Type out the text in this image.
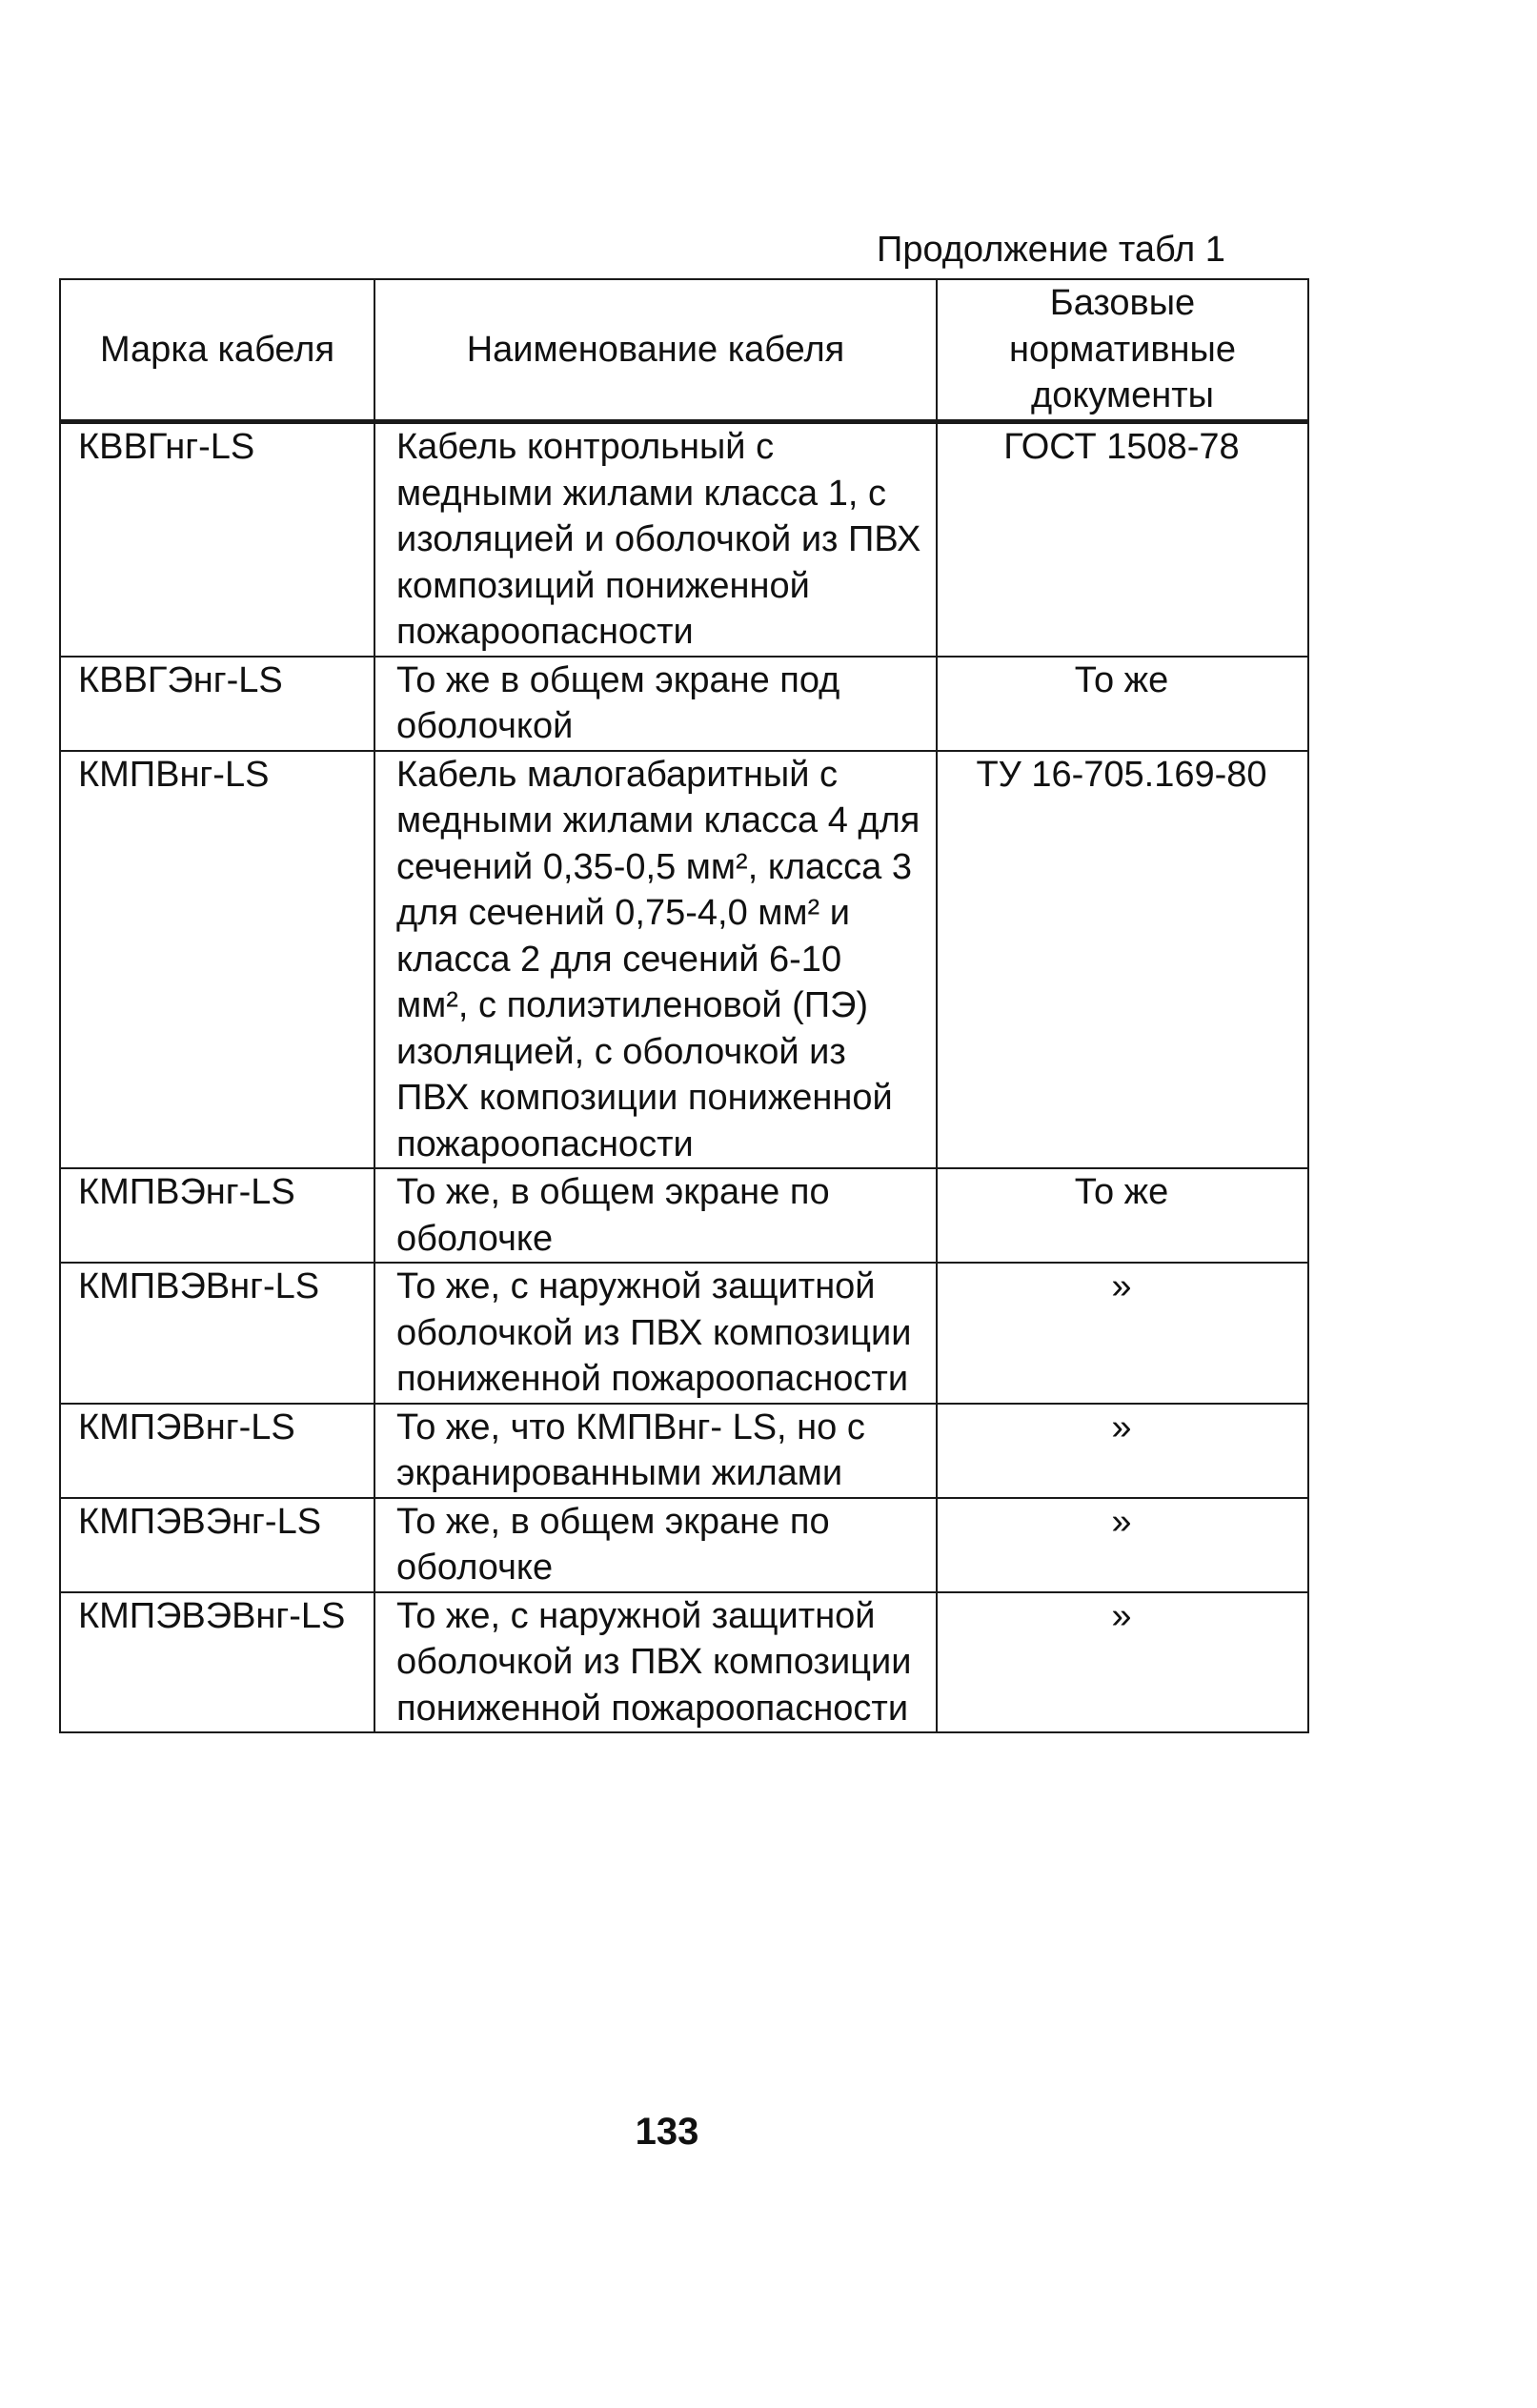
Продолжение табл 1
Марка кабеля	Наименование кабеля	Базовые нормативные документы
КВВГнг-LS	Кабель контрольный с медными жилами класса 1, с изоляцией и оболочкой из ПВХ композиций пониженной пожароопасности	ГОСТ 1508-78
КВВГЭнг-LS	То же в общем экране под оболочкой	То же
КМПВнг-LS	Кабель малогабаритный с медными жилами класса 4 для сечений 0,35-0,5 мм², класса 3 для сечений 0,75-4,0 мм² и класса 2 для сечений 6-10 мм², с полиэтиленовой (ПЭ) изоляцией, с оболочкой из ПВХ композиции пониженной пожароопасности	ТУ 16-705.169-80
КМПВЭнг-LS	То же, в общем экране по оболочке	То же
КМПВЭВнг-LS	То же, с наружной защитной оболочкой из ПВХ композиции пониженной пожароопасности	»
КМПЭВнг-LS	То же, что КМПВнг- LS, но с экранированными жилами	»
КМПЭВЭнг-LS	То же, в общем экране по оболочке	»
КМПЭВЭВнг-LS	То же, с наружной защитной оболочкой из ПВХ композиции пониженной пожароопасности	»
133
